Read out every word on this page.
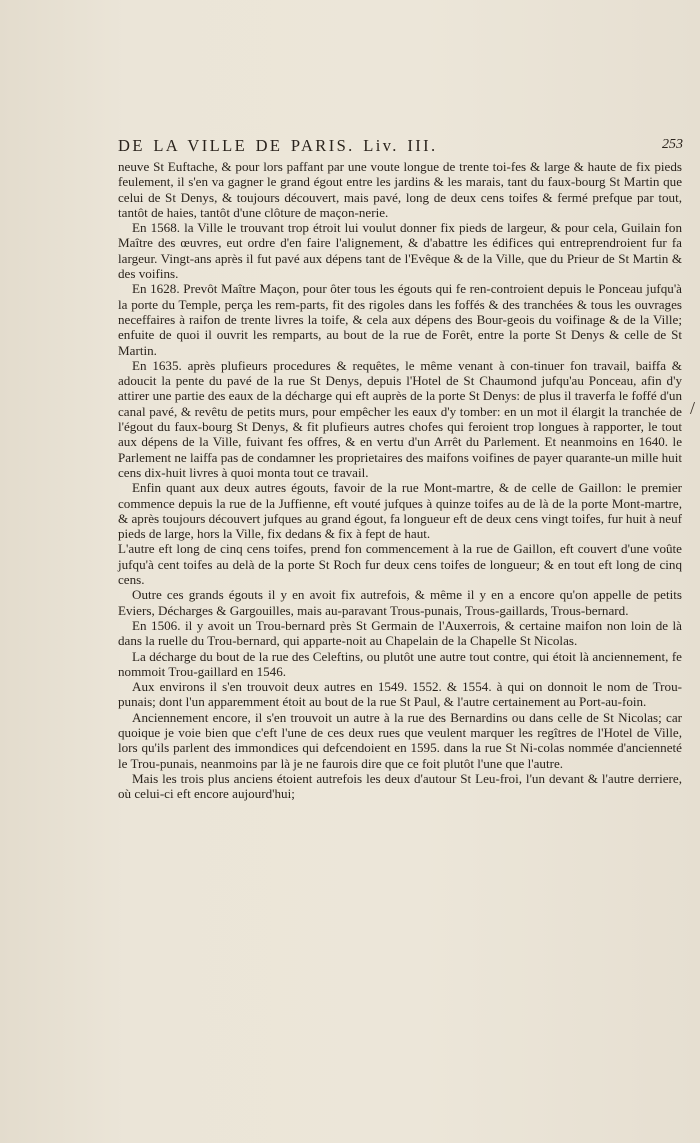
DE LA VILLE DE PARIS. Liv. III.	253

neuve St Euftache, & pour lors paffant par une voute longue de trente toi-fes & large & haute de fix pieds feulement, il s'en va gagner le grand égout entre les jardins & les marais, tant du faux-bourg St Martin que celui de St Denys, & toujours découvert, mais pavé, long de deux cens toifes & fermé prefque par tout, tantôt de haies, tantôt d'une clôture de maçon-nerie.

En 1568. la Ville le trouvant trop étroit lui voulut donner fix pieds de largeur, & pour cela, Guilain fon Maître des œuvres, eut ordre d'en faire l'alignement, & d'abattre les édifices qui entreprendroient fur fa largeur. Vingt-ans après il fut pavé aux dépens tant de l'Evêque & de la Ville, que du Prieur de St Martin & des voifins.

En 1628. Prevôt Maître Maçon, pour ôter tous les égouts qui fe ren-controient depuis le Ponceau jufqu'à la porte du Temple, perça les rem-parts, fit des rigoles dans les foffés & des tranchées & tous les ouvrages neceffaires à raifon de trente livres la toife, & cela aux dépens des Bour-geois du voifinage & de la Ville; enfuite de quoi il ouvrit les remparts, au bout de la rue de Forêt, entre la porte St Denys & celle de St Martin.

En 1635. après plufieurs procedures & requêtes, le même venant à con-tinuer fon travail, baiffa & adoucit la pente du pavé de la rue St Denys, depuis l'Hotel de St Chaumond jufqu'au Ponceau, afin d'y attirer une partie des eaux de la décharge qui eft auprès de la porte St Denys: de plus il traverfa le foffé d'un canal pavé, & revêtu de petits murs, pour empêcher les eaux d'y tomber: en un mot il élargit la tranchée de l'égout du faux-bourg St Denys, & fit plufieurs autres chofes qui feroient trop longues à rapporter, le tout aux dépens de la Ville, fuivant fes offres, & en vertu d'un Arrêt du Parlement. Et neanmoins en 1640. le Parlement ne laiffa pas de condamner les proprietaires des maifons voifines de payer quarante-un mille huit cens dix-huit livres à quoi monta tout ce travail.

Enfin quant aux deux autres égouts, favoir de la rue Mont-martre, & de celle de Gaillon: le premier commence depuis la rue de la Juffienne, eft vouté jufques à quinze toifes au de là de la porte Mont-martre, & après toujours découvert jufques au grand égout, fa longueur eft de deux cens vingt toifes, fur huit à neuf pieds de large, hors la Ville, fix dedans & fix à fept de haut.

L'autre eft long de cinq cens toifes, prend fon commencement à la rue de Gaillon, eft couvert d'une voûte jufqu'à cent toifes au delà de la porte St Roch fur deux cens toifes de longueur; & en tout eft long de cinq cens.

Outre ces grands égouts il y en avoit fix autrefois, & même il y en a encore qu'on appelle de petits Eviers, Décharges & Gargouilles, mais au-paravant Trous-punais, Trous-gaillards, Trous-bernard.

En 1506. il y avoit un Trou-bernard près St Germain de l'Auxerrois, & certaine maifon non loin de là dans la ruelle du Trou-bernard, qui apparte-noit au Chapelain de la Chapelle St Nicolas.

La décharge du bout de la rue des Celeftins, ou plutôt une autre tout contre, qui étoit là anciennement, fe nommoit Trou-gaillard en 1546.

Aux environs il s'en trouvoit deux autres en 1549. 1552. & 1554. à qui on donnoit le nom de Trou-punais; dont l'un apparemment étoit au bout de la rue St Paul, & l'autre certainement au Port-au-foin.

Anciennement encore, il s'en trouvoit un autre à la rue des Bernardins ou dans celle de St Nicolas; car quoique je voie bien que c'eft l'une de ces deux rues que veulent marquer les regîtres de l'Hotel de Ville, lors qu'ils parlent des immondices qui defcendoient en 1595. dans la rue St Ni-colas nommée d'ancienneté le Trou-punais, neanmoins par là je ne faurois dire que ce foit plutôt l'une que l'autre.

Mais les trois plus anciens étoient autrefois les deux d'autour St Leu-froi, l'un devant & l'autre derriere, où celui-ci eft encore aujourd'hui;

/
